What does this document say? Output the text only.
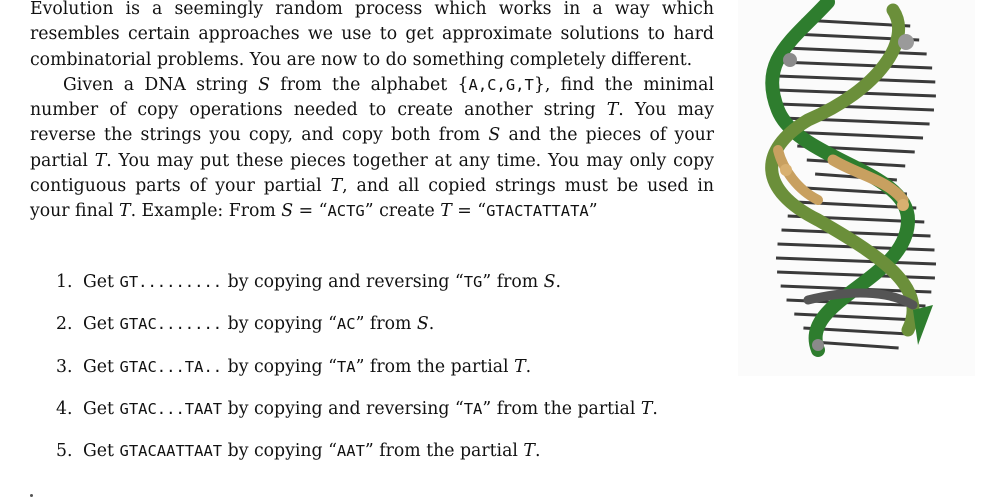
Evolution is a seemingly random process which works in a way which resembles certain approaches we use to get approximate solutions to hard combinatorial problems. You are now to do something completely different.

Given a DNA string S from the alphabet {A,C,G,T}, find the minimal number of copy operations needed to create another string T. You may reverse the strings you copy, and copy both from S and the pieces of your partial T. You may put these pieces together at any time. You may only copy contiguous parts of your partial T, and all copied strings must be used in your final T. Example: From S = “ACTG” create T = “GTACTATTATA”

1. Get GT......... by copying and reversing “TG” from S.
2. Get GTAC....... by copying “AC” from S.
3. Get GTAC...TA.. by copying “TA” from the partial T.
4. Get GTAC...TAAT by copying and reversing “TA” from the partial T.
5. Get GTACAATTAAT by copying “AAT” from the partial T.
